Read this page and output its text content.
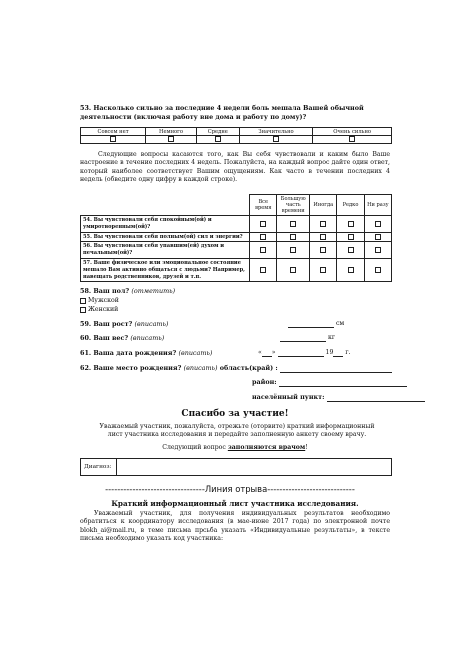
53. Насколько сильно за последние 4 недели боль мешала Вашей обычной деятельности (включая работу вне дома и работу по дому)?
Совсем нет	Немного	Средне	Значительно	Очень сильно

Следующие вопросы касаются того, как Вы себя чувствовали и каким было Ваше настроение в течение последних 4 недель. Пожалуйста, на каждый вопрос дайте один ответ, который наиболее соответствует Вашим ощущениям. Как часто в течении последних 4 недель (обведите одну цифру в каждой строке).
	Все время	Большую часть времени	Иногда	Редко	Ни разу
54. Вы чувствовали себя спокойным(ой) и умиротворенным(ой)?					
55. Вы чувствовали себя полным(ой) сил и энергии?					
56. Вы чувствовали себя упавшим(ей) духом и печальным(ой)?					
57. Ваше физическое или эмоциональное состояние мешало Вам активно общаться с людьми? Например, навещать родственников, друзей и т.п.					
58. Ваш пол? (отметить)
Мужской
Женский
59. Ваш рост? (вписать)	см
60. Ваш вес? (вписать)	кг
61. Ваша дата рождения? (вписать)	« »	19 г.
62. Ваше место рождения? (вписать) область(край) :
район:
населённый пункт:
Спасибо за участие!
Уважаемый участник, пожалуйста, отрежьте (оторвите) краткий информационный лист участника исследования и передайте заполненную анкету своему врачу.
Следующий вопрос заполняются врачом!
Диагноз:
---------------------------------Линия отрыва-----------------------------
Краткий информационный лист участника исследования.
Уважаемый участник, для получения индивидуальных результатов необходимо обратиться к координатору исследования (в мае-июне 2017 года) по электронной почте blokh_ai@mail.ru, в теме письма прсьба указать «Индивидуальные результаты», в тексте письма необходимо указать код участника:
